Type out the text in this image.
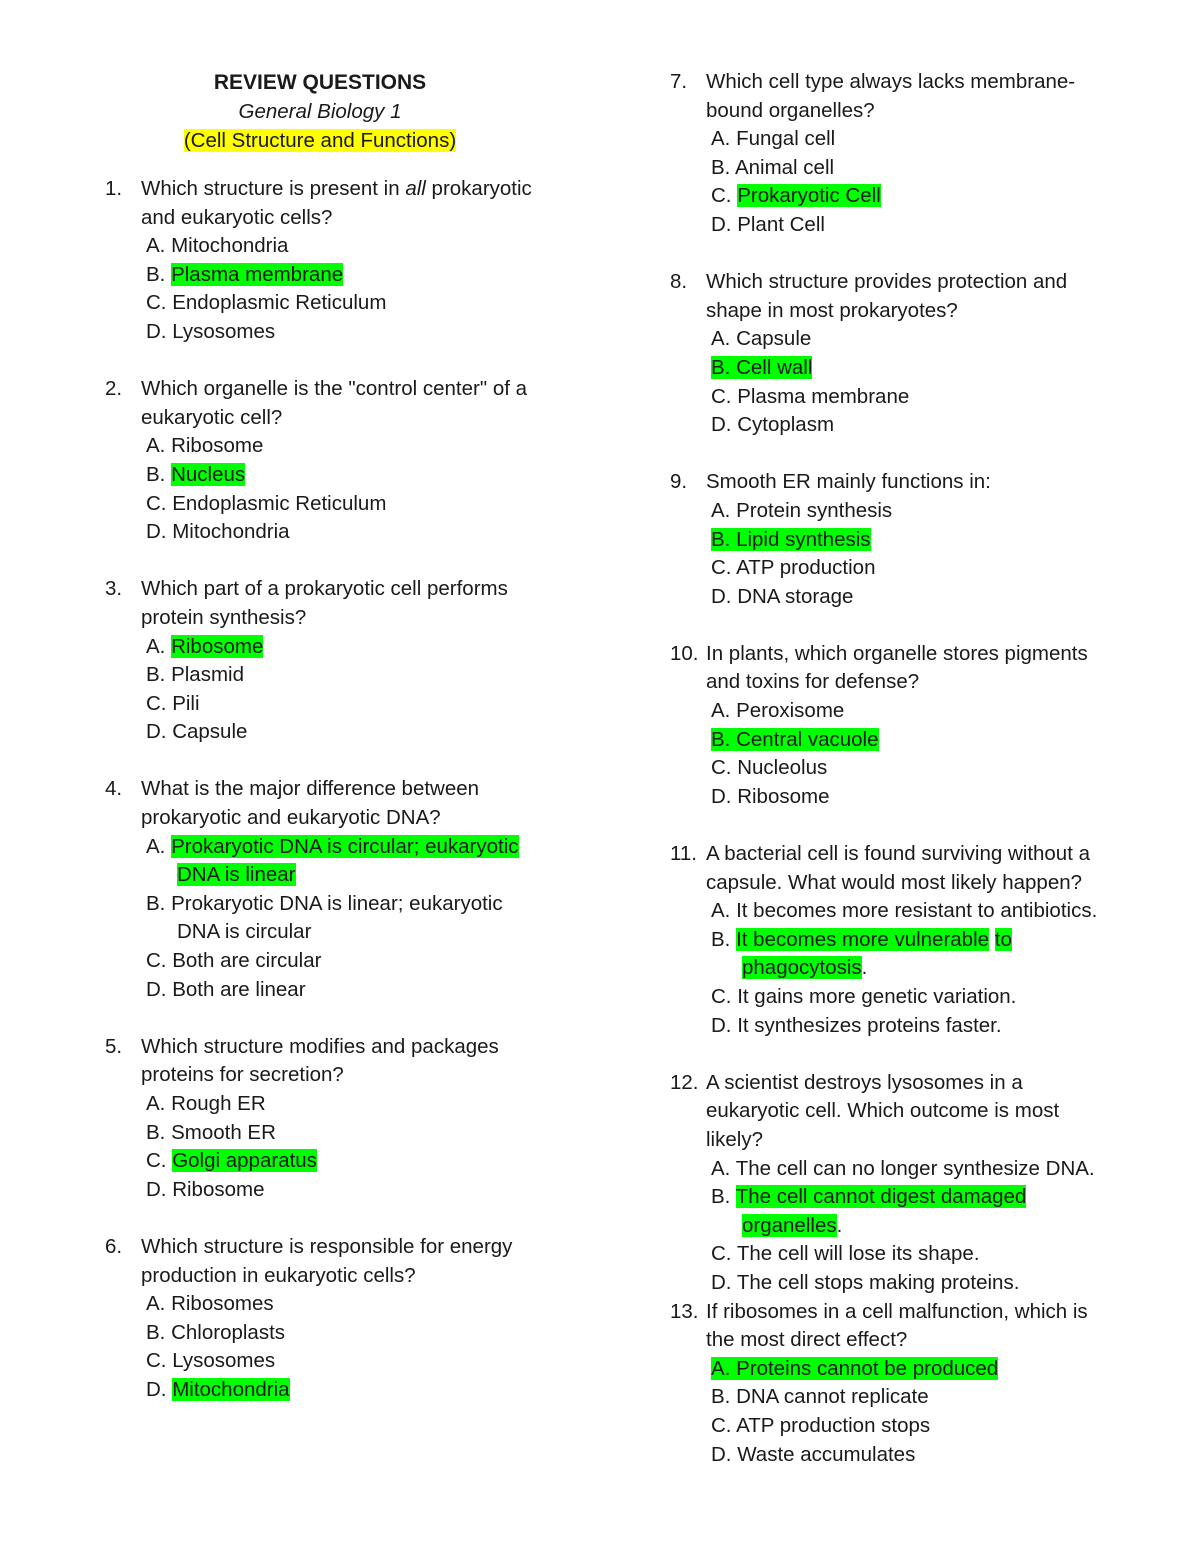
REVIEW QUESTIONS
General Biology 1
(Cell Structure and Functions)
1. Which structure is present in all prokaryotic
and eukaryotic cells?
A. Mitochondria
B. Plasma membrane
C. Endoplasmic Reticulum
D. Lysosomes
2. Which organelle is the "control center" of a
eukaryotic cell?
A. Ribosome
B. Nucleus
C. Endoplasmic Reticulum
D. Mitochondria
3. Which part of a prokaryotic cell performs
protein synthesis?
A. Ribosome
B. Plasmid
C. Pili
D. Capsule
4. What is the major difference between
prokaryotic and eukaryotic DNA?
A. Prokaryotic DNA is circular; eukaryotic
DNA is linear
B. Prokaryotic DNA is linear; eukaryotic
DNA is circular
C. Both are circular
D. Both are linear
5. Which structure modifies and packages
proteins for secretion?
A. Rough ER
B. Smooth ER
C. Golgi apparatus
D. Ribosome
6. Which structure is responsible for energy
production in eukaryotic cells?
A. Ribosomes
B. Chloroplasts
C. Lysosomes
D. Mitochondria
7. Which cell type always lacks membrane-
bound organelles?
A. Fungal cell
B. Animal cell
C. Prokaryotic Cell
D. Plant Cell
8. Which structure provides protection and
shape in most prokaryotes?
A. Capsule
B. Cell wall
C. Plasma membrane
D. Cytoplasm
9. Smooth ER mainly functions in:
A. Protein synthesis
B. Lipid synthesis
C. ATP production
D. DNA storage
10. In plants, which organelle stores pigments
and toxins for defense?
A. Peroxisome
B. Central vacuole
C. Nucleolus
D. Ribosome
11. A bacterial cell is found surviving without a
capsule. What would most likely happen?
A. It becomes more resistant to antibiotics.
B. It becomes more vulnerable to
phagocytosis.
C. It gains more genetic variation.
D. It synthesizes proteins faster.
12. A scientist destroys lysosomes in a
eukaryotic cell. Which outcome is most
likely?
A. The cell can no longer synthesize DNA.
B. The cell cannot digest damaged
organelles.
C. The cell will lose its shape.
D. The cell stops making proteins.
13. If ribosomes in a cell malfunction, which is
the most direct effect?
A. Proteins cannot be produced
B. DNA cannot replicate
C. ATP production stops
D. Waste accumulates
